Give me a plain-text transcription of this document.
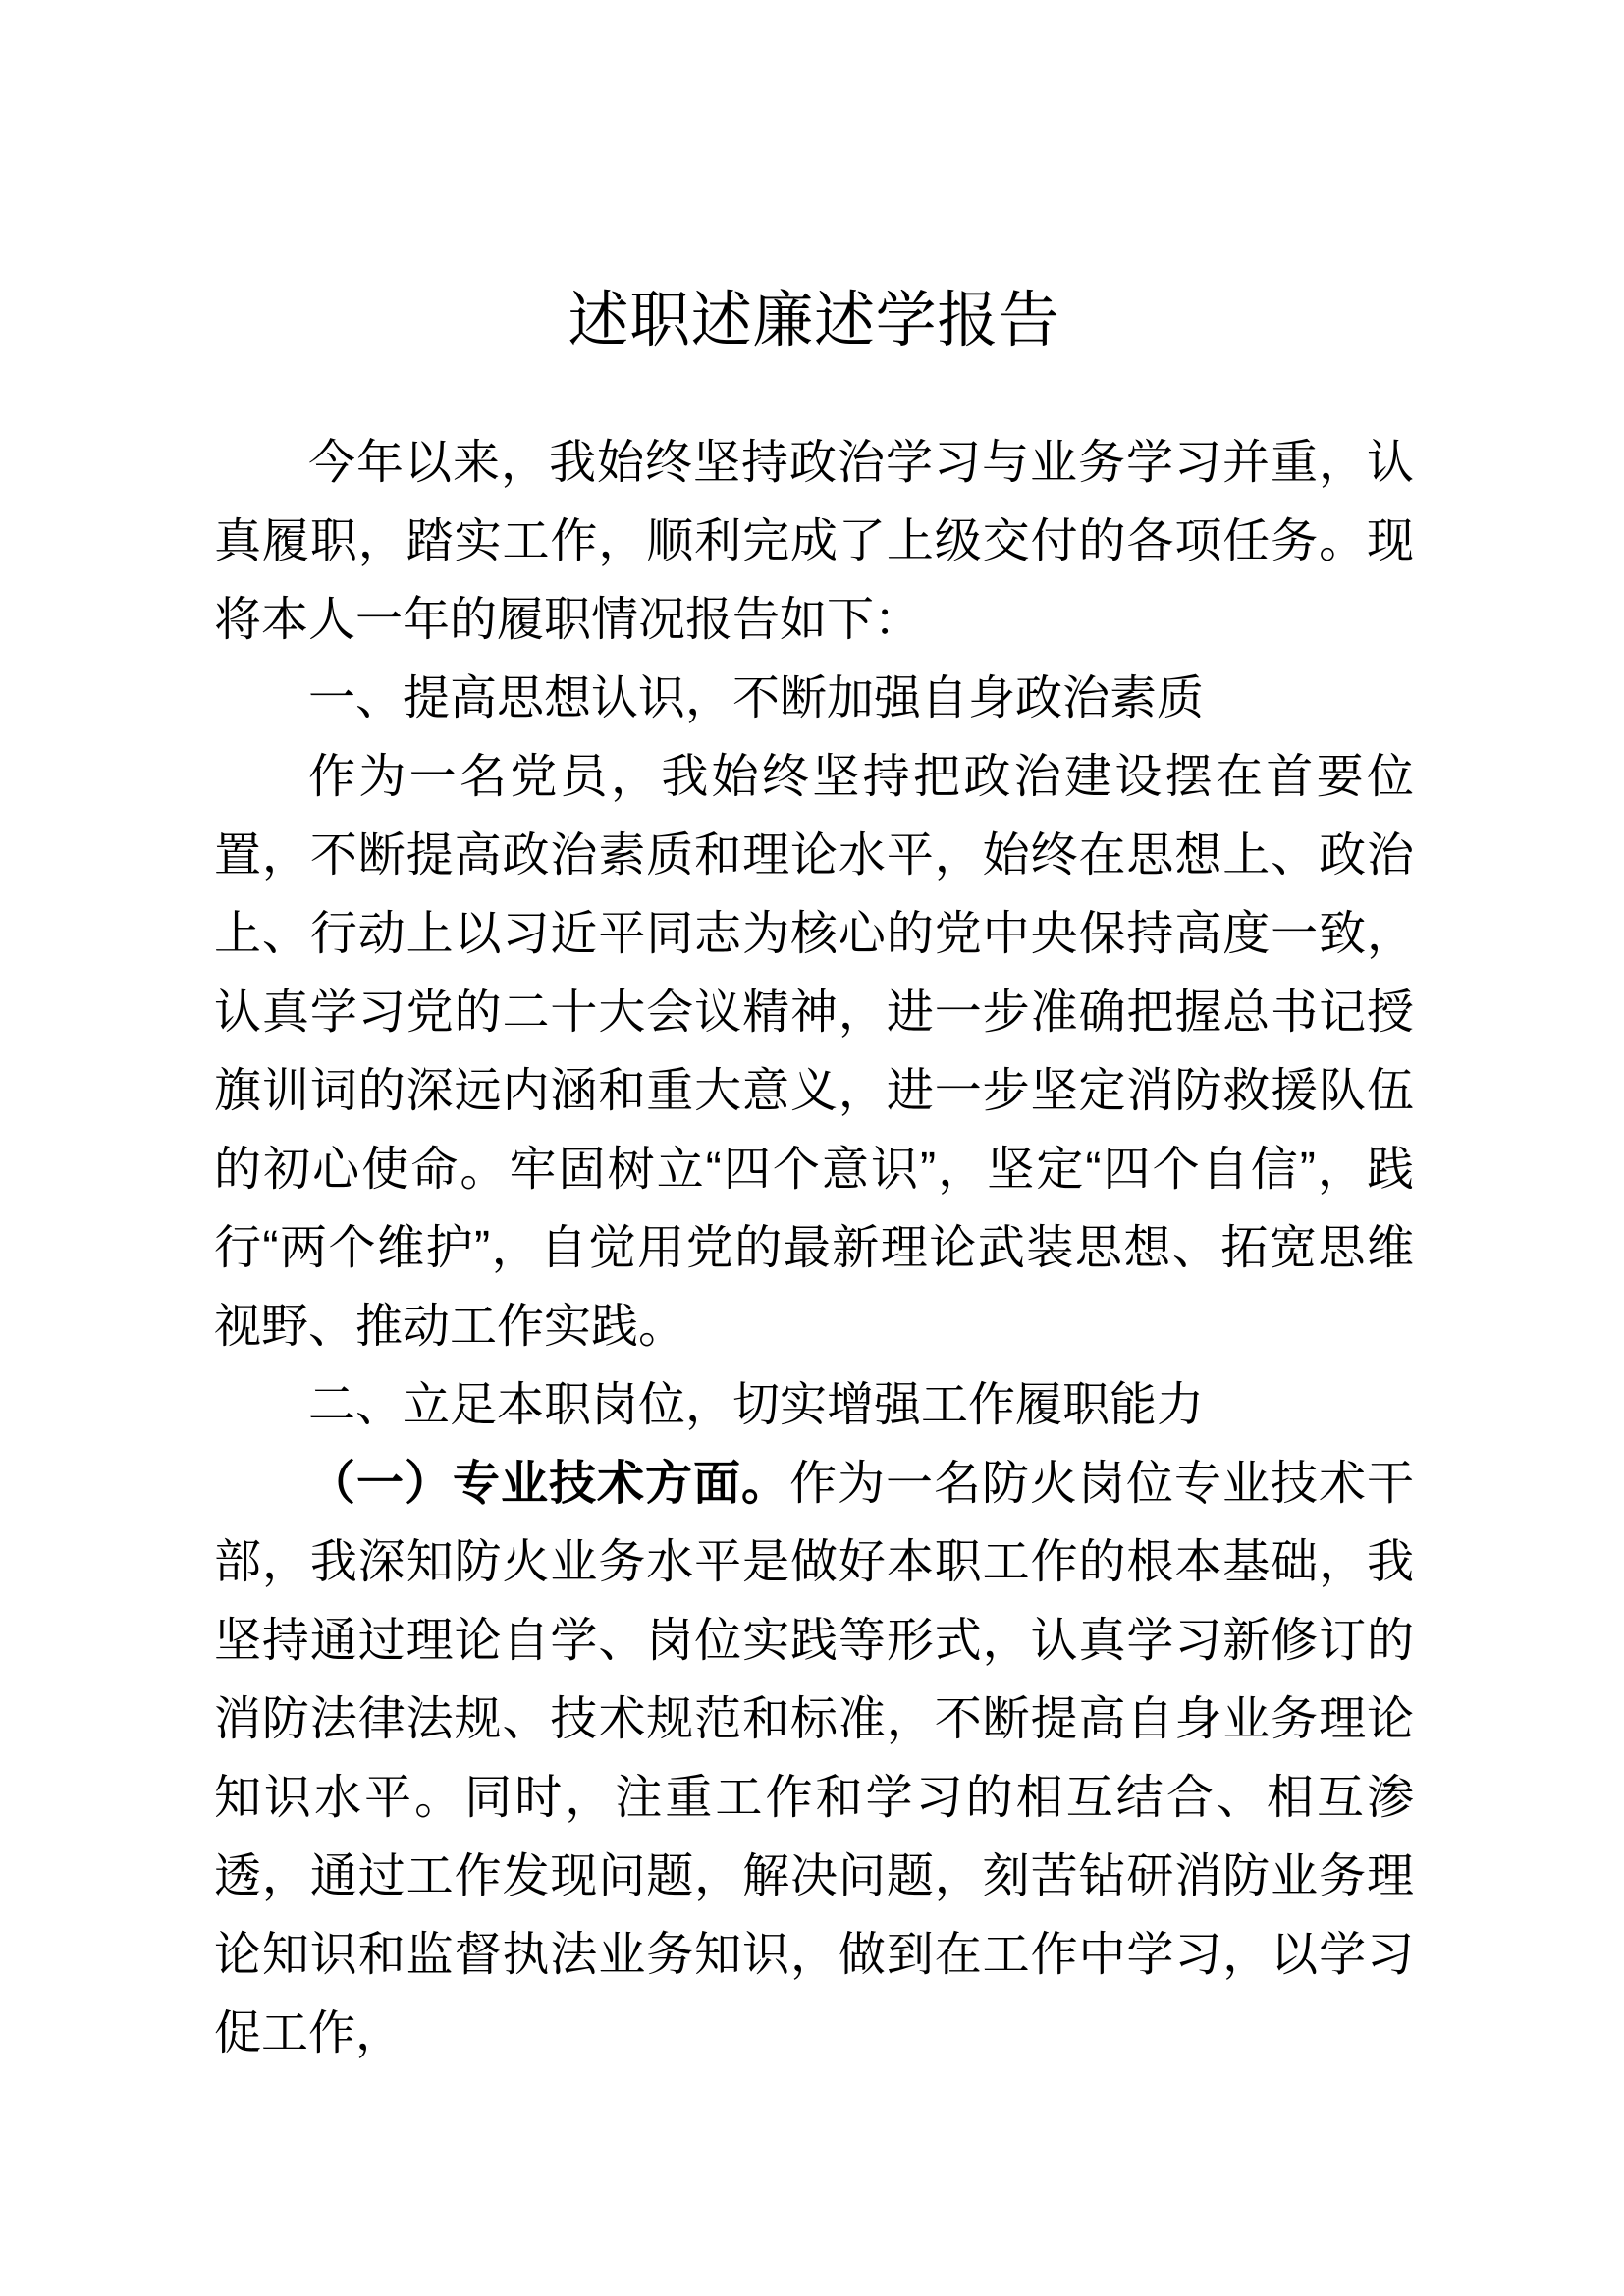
述职述廉述学报告

今年以来，我始终坚持政治学习与业务学习并重，认真履职，踏实工作，顺利完成了上级交付的各项任务。现将本人一年的履职情况报告如下：

一、提高思想认识，不断加强自身政治素质

作为一名党员，我始终坚持把政治建设摆在首要位置，不断提高政治素质和理论水平，始终在思想上、政治上、行动上以习近平同志为核心的党中央保持高度一致，认真学习党的二十大会议精神，进一步准确把握总书记授旗训词的深远内涵和重大意义，进一步坚定消防救援队伍的初心使命。牢固树立“四个意识”，坚定“四个自信”，践行“两个维护”，自觉用党的最新理论武装思想、拓宽思维视野、推动工作实践。

二、立足本职岗位，切实增强工作履职能力

（一）专业技术方面。作为一名防火岗位专业技术干部，我深知防火业务水平是做好本职工作的根本基础，我坚持通过理论自学、岗位实践等形式，认真学习新修订的消防法律法规、技术规范和标准，不断提高自身业务理论知识水平。同时，注重工作和学习的相互结合、相互渗透，通过工作发现问题，解决问题，刻苦钻研消防业务理论知识和监督执法业务知识，做到在工作中学习，以学习促工作，
